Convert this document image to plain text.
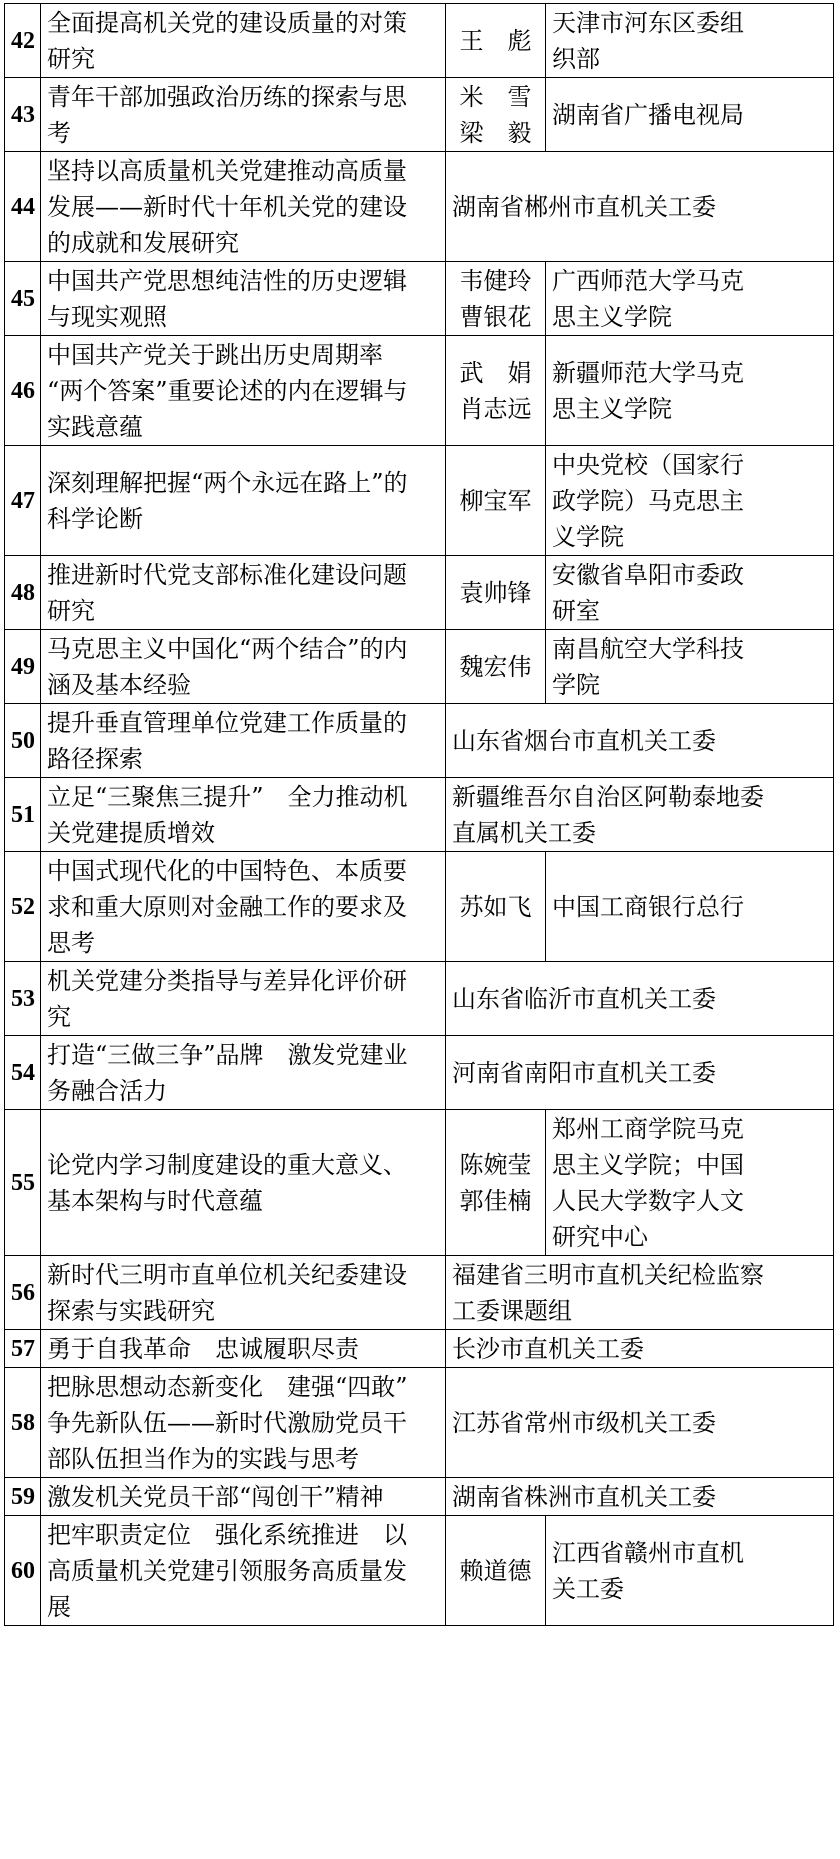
42	全面提高机关党的建设质量的对策
研究	王　彪	天津市河东区委组
织部

43	青年干部加强政治历练的探索与思
考	米　雪
梁　毅	湖南省广播电视局

44	坚持以高质量机关党建推动高质量
发展——新时代十年机关党的建设
的成就和发展研究	湖南省郴州市直机关工委	

45	中国共产党思想纯洁性的历史逻辑
与现实观照	韦健玲
曹银花	广西师范大学马克
思主义学院

46	中国共产党关于跳出历史周期率
“两个答案”重要论述的内在逻辑与
实践意蕴	武　娟
肖志远	新疆师范大学马克
思主义学院

47	深刻理解把握“两个永远在路上”的
科学论断	柳宝军	中央党校（国家行
政学院）马克思主
义学院

48	推进新时代党支部标准化建设问题
研究	袁帅锋	安徽省阜阳市委政
研室

49	马克思主义中国化“两个结合”的内
涵及基本经验	魏宏伟	南昌航空大学科技
学院

50	提升垂直管理单位党建工作质量的
路径探索	山东省烟台市直机关工委	

51	立足“三聚焦三提升”　全力推动机
关党建提质增效	新疆维吾尔自治区阿勒泰地委
直属机关工委	

52	中国式现代化的中国特色、本质要
求和重大原则对金融工作的要求及
思考	苏如飞	中国工商银行总行

53	机关党建分类指导与差异化评价研
究	山东省临沂市直机关工委	

54	打造“三做三争”品牌　激发党建业
务融合活力	河南省南阳市直机关工委	

55	论党内学习制度建设的重大意义、
基本架构与时代意蕴	陈婉莹
郭佳楠	郑州工商学院马克
思主义学院；中国
人民大学数字人文
研究中心

56	新时代三明市直单位机关纪委建设
探索与实践研究	福建省三明市直机关纪检监察
工委课题组	

57	勇于自我革命　忠诚履职尽责	长沙市直机关工委	

58	把脉思想动态新变化　建强“四敢”
争先新队伍——新时代激励党员干
部队伍担当作为的实践与思考	江苏省常州市级机关工委	

59	激发机关党员干部“闯创干”精神	湖南省株洲市直机关工委	

60	把牢职责定位　强化系统推进　以
高质量机关党建引领服务高质量发
展	赖道德	江西省赣州市直机
关工委
